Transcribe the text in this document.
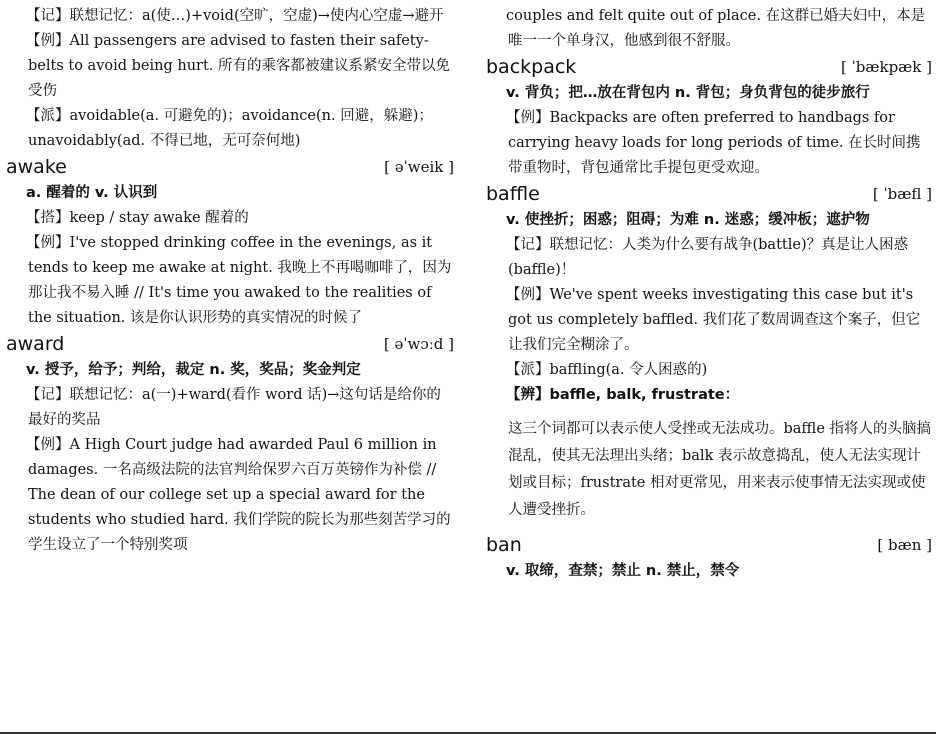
【记】联想记忆：a(使…)+void(空旷，空虚)→使内心空虚→避开

【例】All passengers are advised to fasten their safety-belts to avoid being hurt. 所有的乘客都被建议系紧安全带以免受伤

【派】avoidable(a. 可避免的)；avoidance(n. 回避，躲避)；unavoidably(ad. 不得已地，无可奈何地)

awake	[ əˈweik ]

a. 醒着的 v. 认识到

【搭】keep / stay awake 醒着的

【例】I've stopped drinking coffee in the evenings, as it tends to keep me awake at night. 我晚上不再喝咖啡了，因为那让我不易入睡 // It's time you awaked to the realities of the situation. 该是你认识形势的真实情况的时候了

award	[ əˈwɔːd ]

v. 授予，给予；判给，裁定 n. 奖，奖品；奖金判定

【记】联想记忆：a(一)+ward(看作 word 话)→这句话是给你的最好的奖品

【例】A High Court judge had awarded Paul 6 million in damages. 一名高级法院的法官判给保罗六百万英镑作为补偿 // The dean of our college set up a special award for the students who studied hard. 我们学院的院长为那些刻苦学习的学生设立了一个特别奖项

couples and felt quite out of place. 在这群已婚夫妇中，本是唯一一个单身汉，他感到很不舒服。

backpack	[ ˈbækpæk ]

v. 背负；把…放在背包内 n. 背包；身负背包的徒步旅行

【例】Backpacks are often preferred to handbags for carrying heavy loads for long periods of time. 在长时间携带重物时，背包通常比手提包更受欢迎。

baffle	[ ˈbæfl ]

v. 使挫折；困惑；阻碍；为难 n. 迷惑；缓冲板；遮护物

【记】联想记忆：人类为什么要有战争(battle)？真是让人困惑(baffle)！

【例】We've spent weeks investigating this case but it's got us completely baffled. 我们花了数周调查这个案子，但它让我们完全糊涂了。

【派】baffling(a. 令人困惑的)

【辨】baffle, balk, frustrate：

这三个词都可以表示使人受挫或无法成功。baffle 指将人的头脑搞混乱，使其无法理出头绪；balk 表示故意捣乱，使人无法实现计划或目标；frustrate 相对更常见，用来表示使事情无法实现或使人遭受挫折。

ban	[ bæn ]

v. 取缔，查禁；禁止 n. 禁止，禁令
